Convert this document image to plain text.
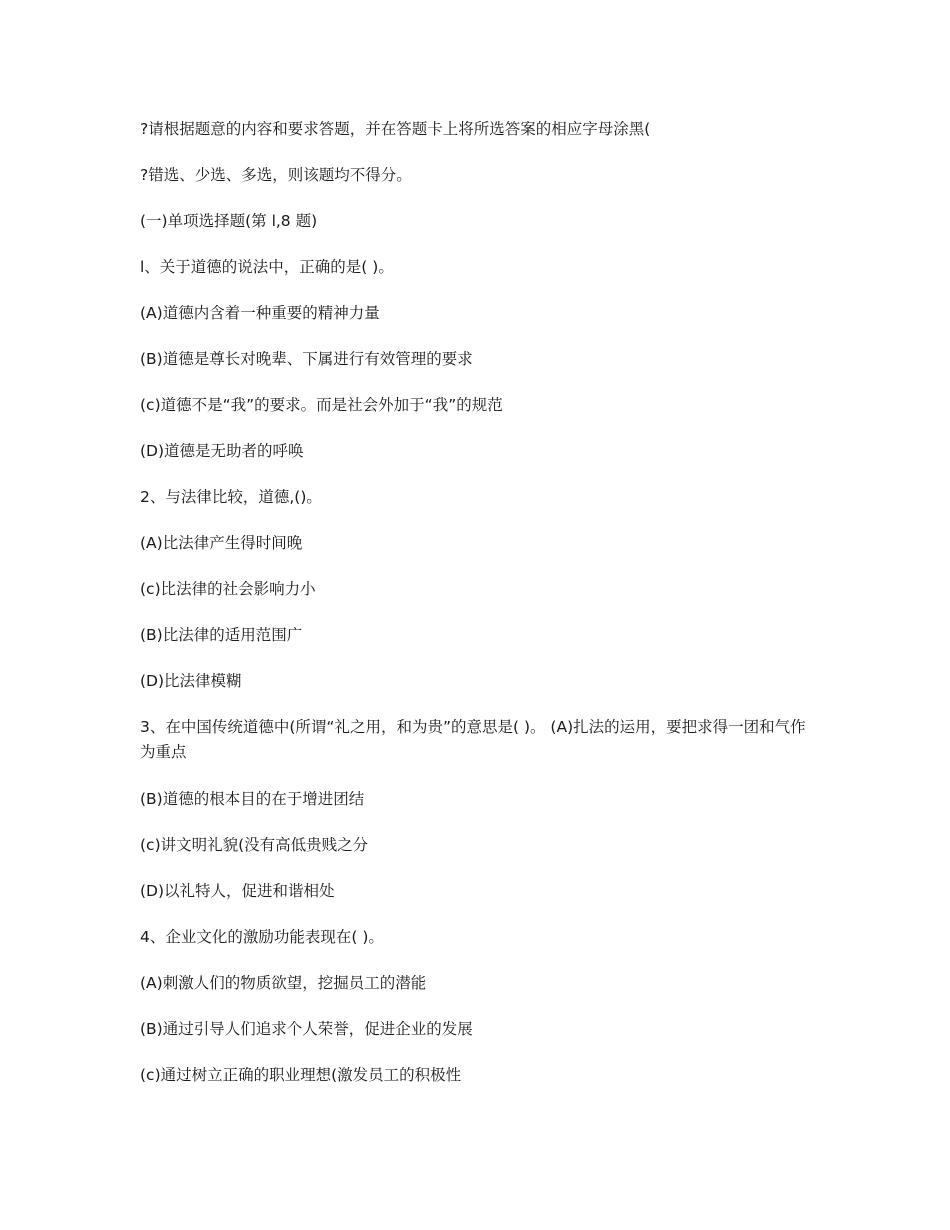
?请根据题意的内容和要求答题，并在答题卡上将所选答案的相应字母涂黑(

?错选、少选、多选，则该题均不得分。

(一)单项选择题(第 l,8 题)

l、关于道德的说法中，正确的是( )。

(A)道德内含着一种重要的精神力量

(B)道德是尊长对晚辈、下属进行有效管理的要求

(c)道德不是“我”的要求。而是社会外加于“我”的规范

(D)道德是无助者的呼唤

2、与法律比较，道德,()。

(A)比法律产生得时间晚

(c)比法律的社会影响力小

(B)比法律的适用范围广

(D)比法律模糊

3、在中国传统道德中(所谓“礼之用，和为贵”的意思是( )。 (A)扎法的运用，要把求得一团和气作为重点

(B)道德的根本目的在于增进团结

(c)讲文明礼貌(没有高低贵贱之分

(D)以礼特人，促进和谐相处

4、企业文化的激励功能表现在( )。

(A)刺激人们的物质欲望，挖掘员工的潜能

(B)通过引导人们追求个人荣誉，促进企业的发展

(c)通过树立正确的职业理想(激发员工的积极性
